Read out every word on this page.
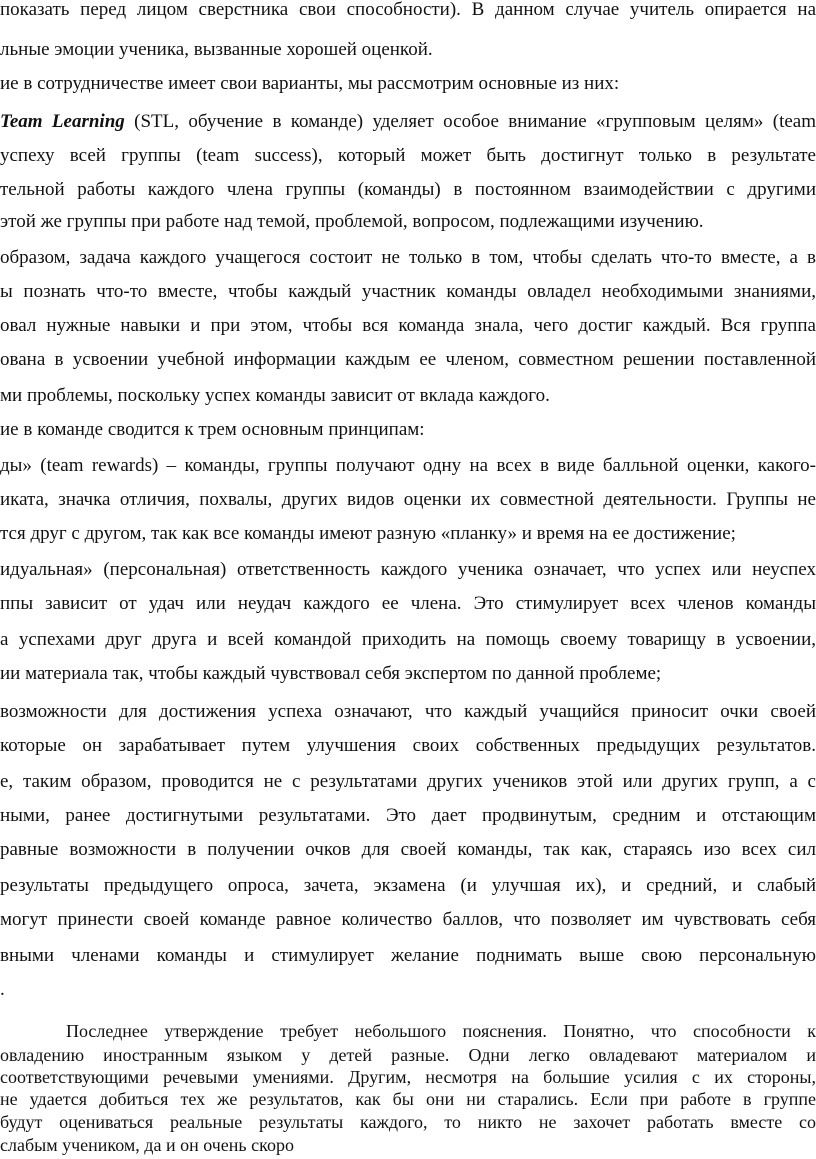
показать перед лицом сверстника свои способности). В данном случае учитель опирается на
льные эмоции ученика, вызванные хорошей оценкой.
ие в сотрудничестве имеет свои варианты, мы рассмотрим основные из них:
Team Learning (STL, обучение в команде) уделяет особое внимание «групповым целям» (team
успеху всей группы (team success), который может быть достигнут только в результате
тельной работы каждого члена группы (команды) в постоянном взаимодействии с другими
этой же группы при работе над темой, проблемой, вопросом, подлежащими изучению.
образом, задача каждого учащегося состоит не только в том, чтобы сделать что-то вместе, а в
ы познать что-то вместе, чтобы каждый участник команды овладел необходимыми знаниями,
овал нужные навыки и при этом, чтобы вся команда знала, чего достиг каждый. Вся группа
ована в усвоении учебной информации каждым ее членом, совместном решении поставленной
ми проблемы, поскольку успех команды зависит от вклада каждого.
ие в команде сводится к трем основным принципам:
ды» (team rewards) – команды, группы получают одну на всех в виде балльной оценки, какого-
иката, значка отличия, похвалы, других видов оценки их совместной деятельности. Группы не
тся друг с другом, так как все команды имеют разную «планку» и время на ее достижение;
идуальная» (персональная) ответственность каждого ученика означает, что успех или неуспех
ппы зависит от удач или неудач каждого ее члена. Это стимулирует всех членов команды
а успехами друг друга и всей командой приходить на помощь своему товарищу в усвоении,
ии материала так, чтобы каждый чувствовал себя экспертом по данной проблеме;
возможности для достижения успеха означают, что каждый учащийся приносит очки своей
которые он зарабатывает путем улучшения своих собственных предыдущих результатов.
е, таким образом, проводится не с результатами других учеников этой или других групп, а с
ными, ранее достигнутыми результатами. Это дает продвинутым, средним и отстающим
равные возможности в получении очков для своей команды, так как, стараясь изо всех сил
результаты предыдущего опроса, зачета, экзамена (и улучшая их), и средний, и слабый
могут принести своей команде равное количество баллов, что позволяет им чувствовать себя
вными членами команды и стимулирует желание поднимать выше свою персональную
.
Последнее утверждение требует небольшого пояснения. Понятно, что способности к
овладению иностранным языком у детей разные. Одни легко овладевают материалом и
соответствующими речевыми умениями. Другим, несмотря на большие усилия с их стороны,
не удается добиться тех же результатов, как бы они ни старались. Если при работе в группе
будут оцениваться реальные результаты каждого, то никто не захочет работать вместе со
слабым учеником, да и он очень скоро
